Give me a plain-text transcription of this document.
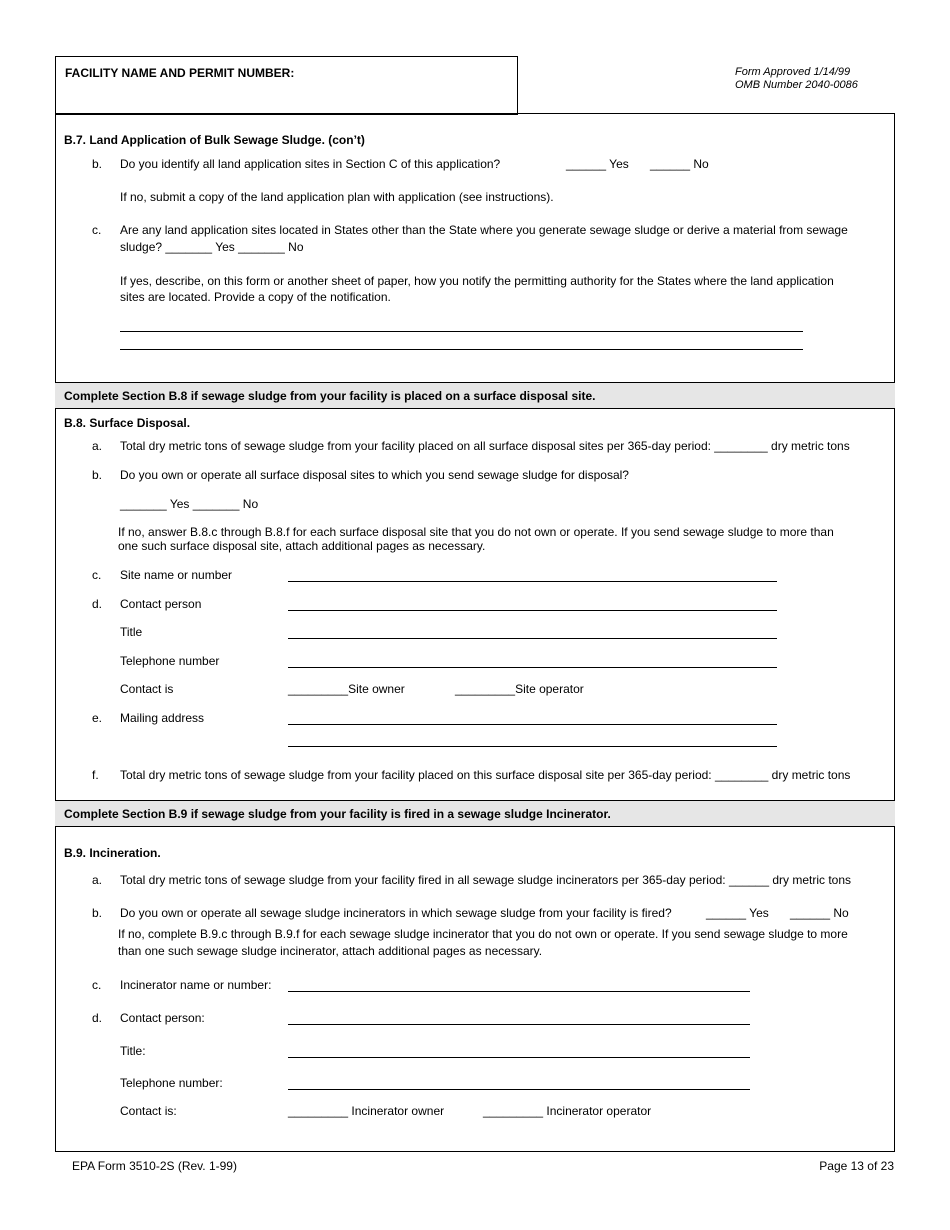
FACILITY NAME AND PERMIT NUMBER:	Form Approved 1/14/99
OMB Number 2040-0086
B.7. Land Application of Bulk Sewage Sludge. (con’t)
b. Do you identify all land application sites in Section C of this application?	______ Yes ______ No
If no, submit a copy of the land application plan with application (see instructions).
c. Are any land application sites located in States other than the State where you generate sewage sludge or derive a material from sewage
sludge? _______ Yes _______ No
If yes, describe, on this form or another sheet of paper, how you notify the permitting authority for the States where the land application
sites are located. Provide a copy of the notification.
Complete Section B.8 if sewage sludge from your facility is placed on a surface disposal site.
B.8. Surface Disposal.
a. Total dry metric tons of sewage sludge from your facility placed on all surface disposal sites per 365-day period: ________ dry metric tons
b. Do you own or operate all surface disposal sites to which you send sewage sludge for disposal?
_______ Yes _______ No
If no, answer B.8.c through B.8.f for each surface disposal site that you do not own or operate. If you send sewage sludge to more than
one such surface disposal site, attach additional pages as necessary.
c. Site name or number
d. Contact person
Title
Telephone number
Contact is	_________Site owner	_________Site operator
e. Mailing address
f. Total dry metric tons of sewage sludge from your facility placed on this surface disposal site per 365-day period: ________ dry metric tons
Complete Section B.9 if sewage sludge from your facility is fired in a sewage sludge Incinerator.
B.9. Incineration.
a. Total dry metric tons of sewage sludge from your facility fired in all sewage sludge incinerators per 365-day period: ______ dry metric tons
b. Do you own or operate all sewage sludge incinerators in which sewage sludge from your facility is fired?	______ Yes ______ No
If no, complete B.9.c through B.9.f for each sewage sludge incinerator that you do not own or operate. If you send sewage sludge to more
than one such sewage sludge incinerator, attach additional pages as necessary.
c. Incinerator name or number:
d. Contact person:
Title:
Telephone number:
Contact is:	_________ Incinerator owner	_________ Incinerator operator
EPA Form 3510-2S (Rev. 1-99)	Page 13 of 23
